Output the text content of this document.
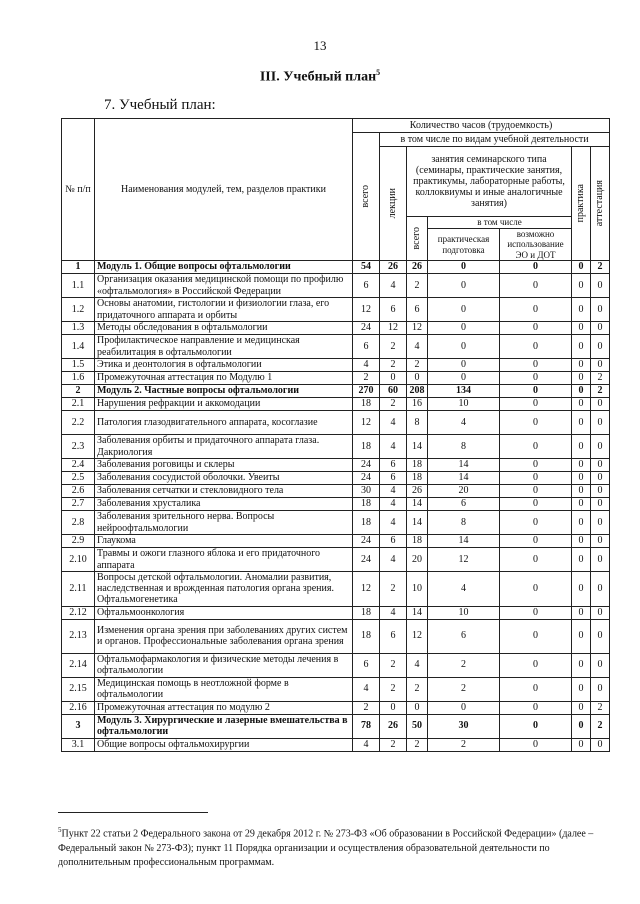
13
III. Учебный план$^5$
7. Учебный план:
№ п/п	Наименования модулей, тем, разделов практики	Количество часов (трудоемкость)						

		всего	в том числе по видам учебной деятельности					

			лекции	занятия семинарского типа (семинары, практические занятия, практикумы, лабораторные работы, коллоквиумы и иные аналогичные занятия)			практика	аттестация

				всего	в том числе			
					практическая подготовка	возможно использование ЭО и ДОТ		
1	Модуль 1. Общие вопросы офтальмологии	54	26	26	0	0	0	2
1.1	Организация оказания медицинской помощи по профилю «офтальмология» в Российской Федерации	6	4	2	0	0	0	0
1.2	Основы анатомии, гистологии и физиологии глаза, его придаточного аппарата и орбиты	12	6	6	0	0	0	0
1.3	Методы обследования в офтальмологии	24	12	12	0	0	0	0
1.4	Профилактическое направление и медицинская реабилитация в офтальмологии	6	2	4	0	0	0	0
1.5	Этика и деонтология в офтальмологии	4	2	2	0	0	0	0
1.6	Промежуточная аттестация по Модулю 1	2	0	0	0	0	0	2
2	Модуль 2. Частные вопросы офтальмологии	270	60	208	134	0	0	2
2.1	Нарушения рефракции и аккомодации	18	2	16	10	0	0	0
2.2	Патология глазодвигательного аппарата, косоглазие	12	4	8	4	0	0	0
2.3	Заболевания орбиты и придаточного аппарата глаза. Дакриология	18	4	14	8	0	0	0
2.4	Заболевания роговицы и склеры	24	6	18	14	0	0	0
2.5	Заболевания сосудистой оболочки. Увеиты	24	6	18	14	0	0	0
2.6	Заболевания сетчатки и стекловидного тела	30	4	26	20	0	0	0
2.7	Заболевания хрусталика	18	4	14	6	0	0	0
2.8	Заболевания зрительного нерва. Вопросы нейроофтальмологии	18	4	14	8	0	0	0
2.9	Глаукома	24	6	18	14	0	0	0
2.10	Травмы и ожоги глазного яблока и его придаточного аппарата	24	4	20	12	0	0	0
2.11	Вопросы детской офтальмологии. Аномалии развития, наследственная и врожденная патология органа зрения. Офтальмогенетика	12	2	10	4	0	0	0
2.12	Офтальмоонкология	18	4	14	10	0	0	0
2.13	Изменения органа зрения при заболеваниях других систем и органов. Профессиональные заболевания органа зрения	18	6	12	6	0	0	0
2.14	Офтальмофармакология и физические методы лечения в офтальмологии	6	2	4	2	0	0	0
2.15	Медицинская помощь в неотложной форме в офтальмологии	4	2	2	2	0	0	0
2.16	Промежуточная аттестация по модулю 2	2	0	0	0	0	0	2
3	Модуль 3. Хирургические и лазерные вмешательства в офтальмологии	78	26	50	30	0	0	2
3.1	Общие вопросы офтальмохирургии	4	2	2	2	0	0	0
$^5$Пункт 22 статьи 2 Федерального закона от 29 декабря 2012 г. № 273-ФЗ «Об образовании в Российской Федерации» (далее – Федеральный закон № 273-ФЗ); пункт 11 Порядка организации и осуществления образовательной деятельности по дополнительным профессиональным программам.
